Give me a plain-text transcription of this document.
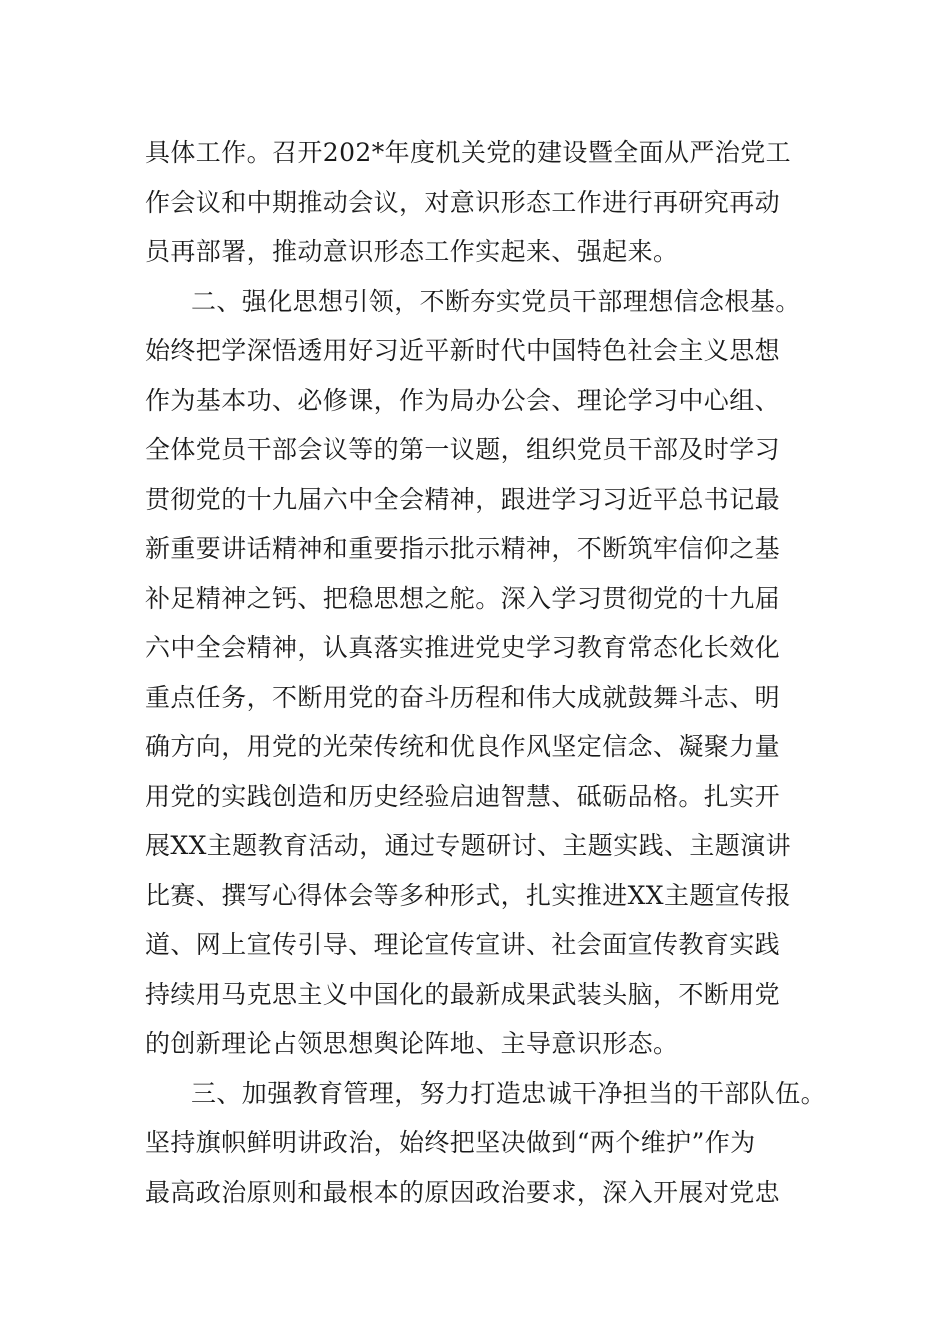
具体工作。召开202*年度机关党的建设暨全面从严治党工
作会议和中期推动会议，对意识形态工作进行再研究再动
员再部署，推动意识形态工作实起来、强起来。
二、强化思想引领，不断夯实党员干部理想信念根基。
始终把学深悟透用好习近平新时代中国特色社会主义思想
作为基本功、必修课，作为局办公会、理论学习中心组、
全体党员干部会议等的第一议题，组织党员干部及时学习
贯彻党的十九届六中全会精神，跟进学习习近平总书记最
新重要讲话精神和重要指示批示精神，不断筑牢信仰之基
补足精神之钙、把稳思想之舵。深入学习贯彻党的十九届
六中全会精神，认真落实推进党史学习教育常态化长效化
重点任务，不断用党的奋斗历程和伟大成就鼓舞斗志、明
确方向，用党的光荣传统和优良作风坚定信念、凝聚力量
用党的实践创造和历史经验启迪智慧、砥砺品格。扎实开
展XX主题教育活动，通过专题研讨、主题实践、主题演讲
比赛、撰写心得体会等多种形式，扎实推进XX主题宣传报
道、网上宣传引导、理论宣传宣讲、社会面宣传教育实践
持续用马克思主义中国化的最新成果武装头脑，不断用党
的创新理论占领思想舆论阵地、主导意识形态。
三、加强教育管理，努力打造忠诚干净担当的干部队伍。
坚持旗帜鲜明讲政治，始终把坚决做到“两个维护”作为
最高政治原则和最根本的原因政治要求，深入开展对党忠
